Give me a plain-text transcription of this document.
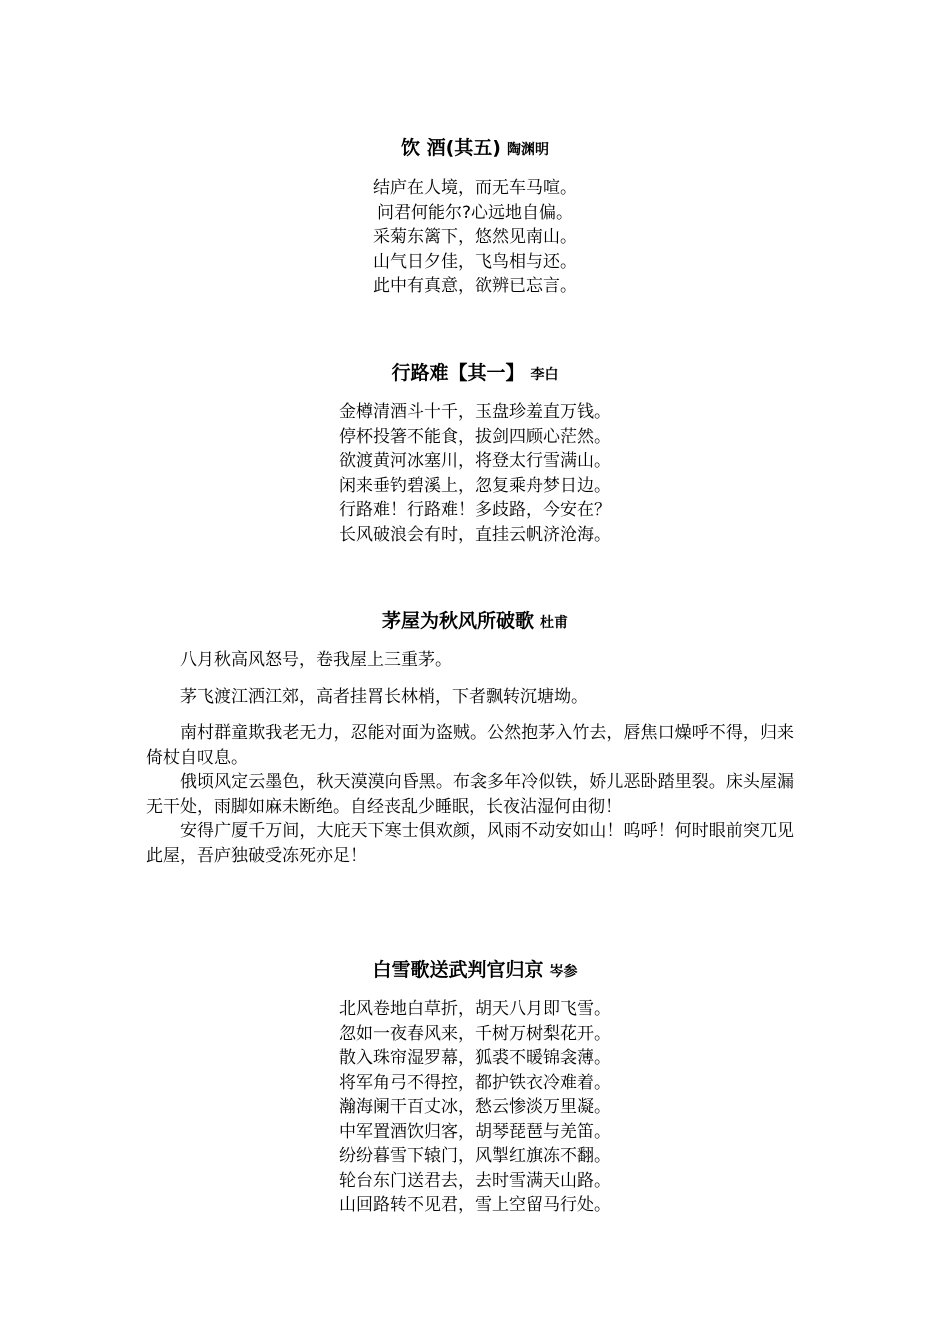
饮 酒(其五) 陶渊明
结庐在人境，而无车马喧。
问君何能尔?心远地自偏。
采菊东篱下，悠然见南山。
山气日夕佳，飞鸟相与还。
此中有真意，欲辨已忘言。
行路难【其一】 李白
金樽清酒斗十千，玉盘珍羞直万钱。
停杯投箸不能食，拔剑四顾心茫然。
欲渡黄河冰塞川，将登太行雪满山。
闲来垂钓碧溪上，忽复乘舟梦日边。
行路难！行路难！多歧路，今安在？
长风破浪会有时，直挂云帆济沧海。
茅屋为秋风所破歌 杜甫

八月秋高风怒号，卷我屋上三重茅。

茅飞渡江洒江郊，高者挂罥长林梢，下者飘转沉塘坳。

南村群童欺我老无力，忍能对面为盗贼。公然抱茅入竹去，唇焦口燥呼不得，归来倚杖自叹息。

俄顷风定云墨色，秋天漠漠向昏黑。布衾多年冷似铁，娇儿恶卧踏里裂。床头屋漏无干处，雨脚如麻未断绝。自经丧乱少睡眠，长夜沾湿何由彻！

安得广厦千万间，大庇天下寒士俱欢颜，风雨不动安如山！呜呼！何时眼前突兀见此屋，吾庐独破受冻死亦足！

白雪歌送武判官归京 岑参
北风卷地白草折，胡天八月即飞雪。
忽如一夜春风来，千树万树梨花开。
散入珠帘湿罗幕，狐裘不暖锦衾薄。
将军角弓不得控，都护铁衣冷难着。
瀚海阑干百丈冰，愁云惨淡万里凝。
中军置酒饮归客，胡琴琵琶与羌笛。
纷纷暮雪下辕门，风掣红旗冻不翻。
轮台东门送君去，去时雪满天山路。
山回路转不见君，雪上空留马行处。
